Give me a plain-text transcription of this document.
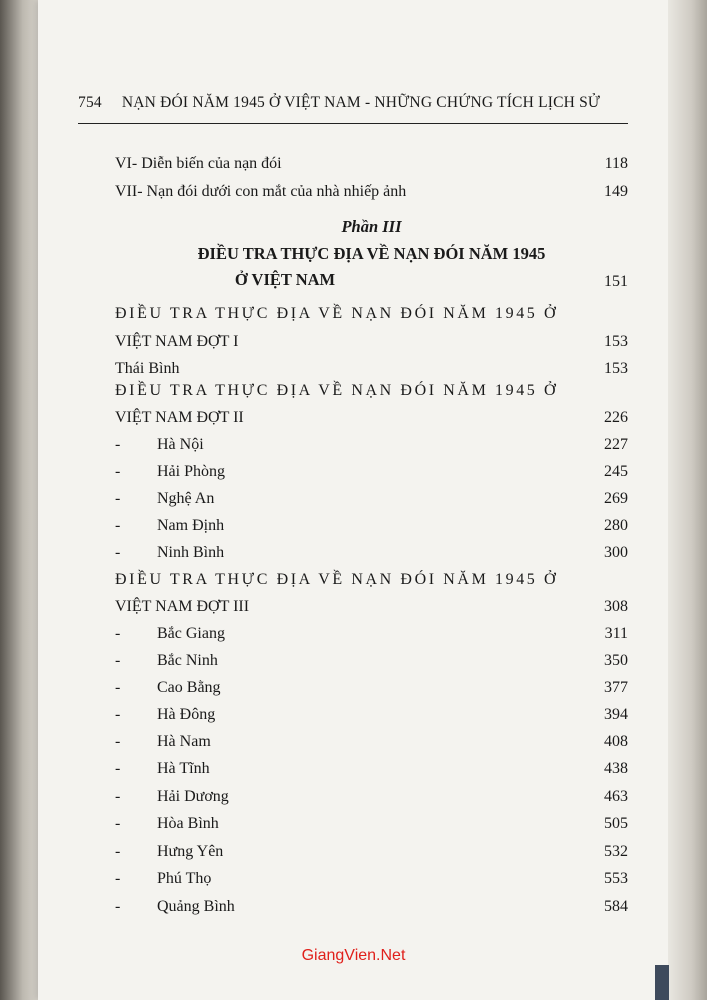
754 NẠN ĐÓI NĂM 1945 Ở VIỆT NAM - NHỮNG CHỨNG TÍCH LỊCH SỬ
VI- Diễn biến của nạn đói	118
VII- Nạn đói dưới con mắt của nhà nhiếp ảnh	149
Phần III
ĐIỀU TRA THỰC ĐỊA VỀ NẠN ĐÓI NĂM 1945
Ở VIỆT NAM	151
ĐIỀU TRA THỰC ĐỊA VỀ NẠN ĐÓI NĂM 1945 Ở
VIỆT NAM ĐỢT I	153
Thái Bình	153
ĐIỀU TRA THỰC ĐỊA VỀ NẠN ĐÓI NĂM 1945 Ở
VIỆT NAM ĐỢT II	226
- Hà Nội	227
- Hải Phòng	245
- Nghệ An	269
- Nam Định	280
- Ninh Bình	300
ĐIỀU TRA THỰC ĐỊA VỀ NẠN ĐÓI NĂM 1945 Ở
VIỆT NAM ĐỢT III	308
- Bắc Giang	311
- Bắc Ninh	350
- Cao Bằng	377
- Hà Đông	394
- Hà Nam	408
- Hà Tĩnh	438
- Hải Dương	463
- Hòa Bình	505
- Hưng Yên	532
- Phú Thọ	553
- Quảng Bình	584
GiangVien.Net
